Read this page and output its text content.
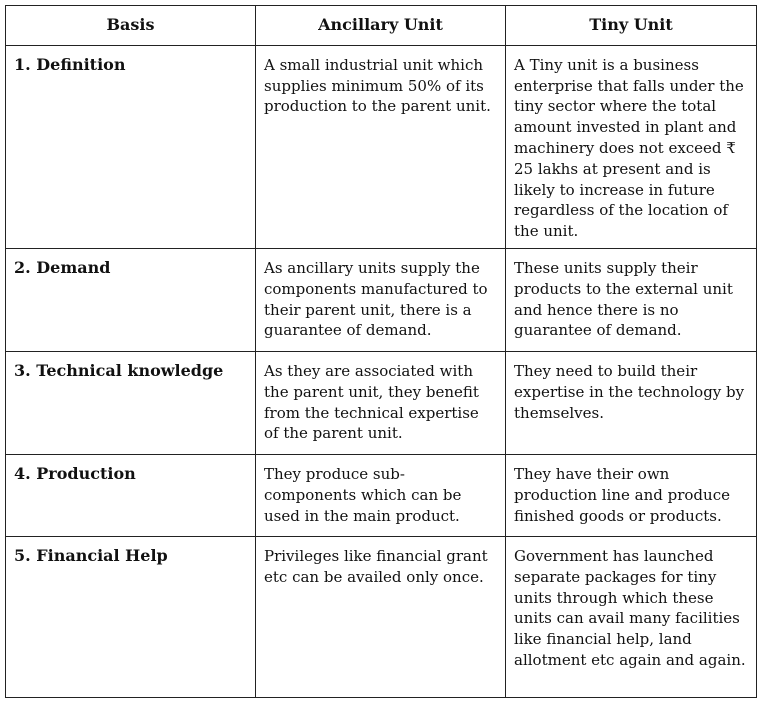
Basis	Ancillary Unit	Tiny Unit
1. Definition	A small industrial unit which supplies minimum 50% of its production to the parent unit.	A Tiny unit is a business enterprise that falls under the tiny sector where the total amount invested in plant and machinery does not exceed ₹ 25 lakhs at present and is likely to increase in future regardless of the location of the unit.
2. Demand	As ancillary units supply the components manufactured to their parent unit, there is a guarantee of demand.	These units supply their products to the external unit and hence there is no guarantee of demand.
3. Technical knowledge	As they are associated with the parent unit, they benefit from the technical expertise of the parent unit.	They need to build their expertise in the technology by themselves.
4. Production	They produce sub-components which can be used in the main product.	They have their own production line and produce finished goods or products.
5. Financial Help	Privileges like financial grant etc can be availed only once.	Government has launched separate packages for tiny units through which these units can avail many facilities like financial help, land allotment etc again and again.
